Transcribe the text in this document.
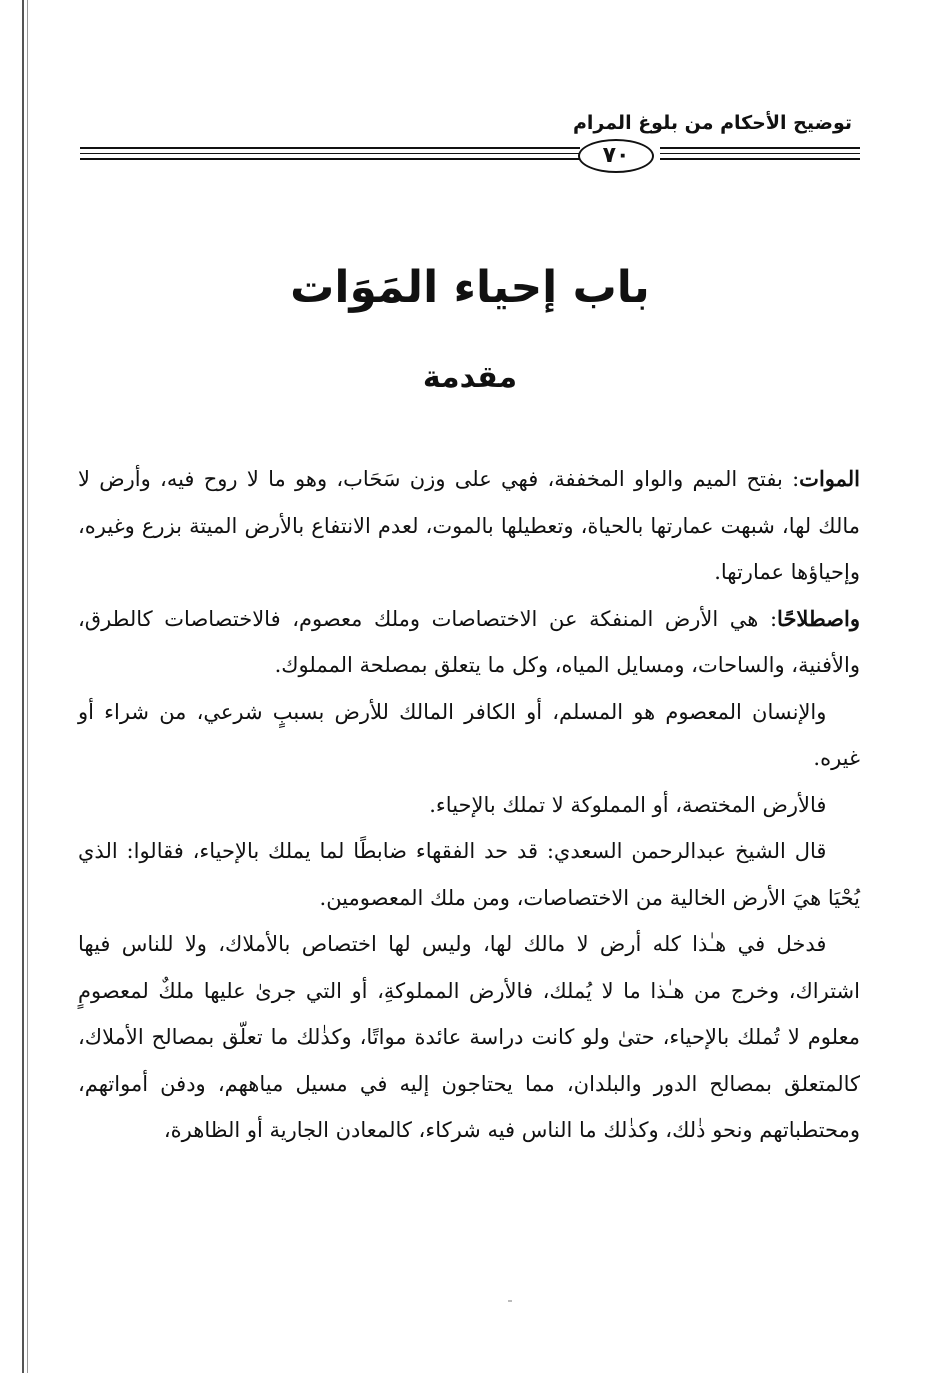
توضيح الأحكام من بلوغ المرام
٧٠
باب إحياء المَوَات
مقدمة

الموات: بفتح الميم والواو المخففة، فهي على وزن سَحَاب، وهو ما لا روح فيه، وأرض لا مالك لها، شبهت عمارتها بالحياة، وتعطيلها بالموت، لعدم الانتفاع بالأرض الميتة بزرع وغيره، وإحياؤها عمارتها.

واصطلاحًا: هي الأرض المنفكة عن الاختصاصات وملك معصوم، فالاختصاصات كالطرق، والأفنية، والساحات، ومسايل المياه، وكل ما يتعلق بمصلحة المملوك.

والإنسان المعصوم هو المسلم، أو الكافر المالك للأرض بسببٍ شرعي، من شراء أو غيره.

فالأرض المختصة، أو المملوكة لا تملك بالإحياء.

قال الشيخ عبدالرحمن السعدي: قد حد الفقهاء ضابطًا لما يملك بالإحياء، فقالوا: الذي يُحْيَا هيَ الأرض الخالية من الاختصاصات، ومن ملك المعصومين.

فدخل في هـٰذا كله أرض لا مالك لها، وليس لها اختصاص بالأملاك، ولا للناس فيها اشتراك، وخرج من هـٰذا ما لا يُملك، فالأرض المملوكةِ، أو التي جرىٰ عليها ملكٌ لمعصومٍ معلوم لا تُملك بالإحياء، حتىٰ ولو كانت دراسة عائدة مواتًا، وكذٰلك ما تعلّق بمصالح الأملاك، كالمتعلق بمصالح الدور والبلدان، مما يحتاجون إليه في مسيل مياههم، ودفن أمواتهم، ومحتطباتهم ونحو ذٰلك، وكذٰلك ما الناس فيه شركاء، كالمعادن الجارية أو الظاهرة،
